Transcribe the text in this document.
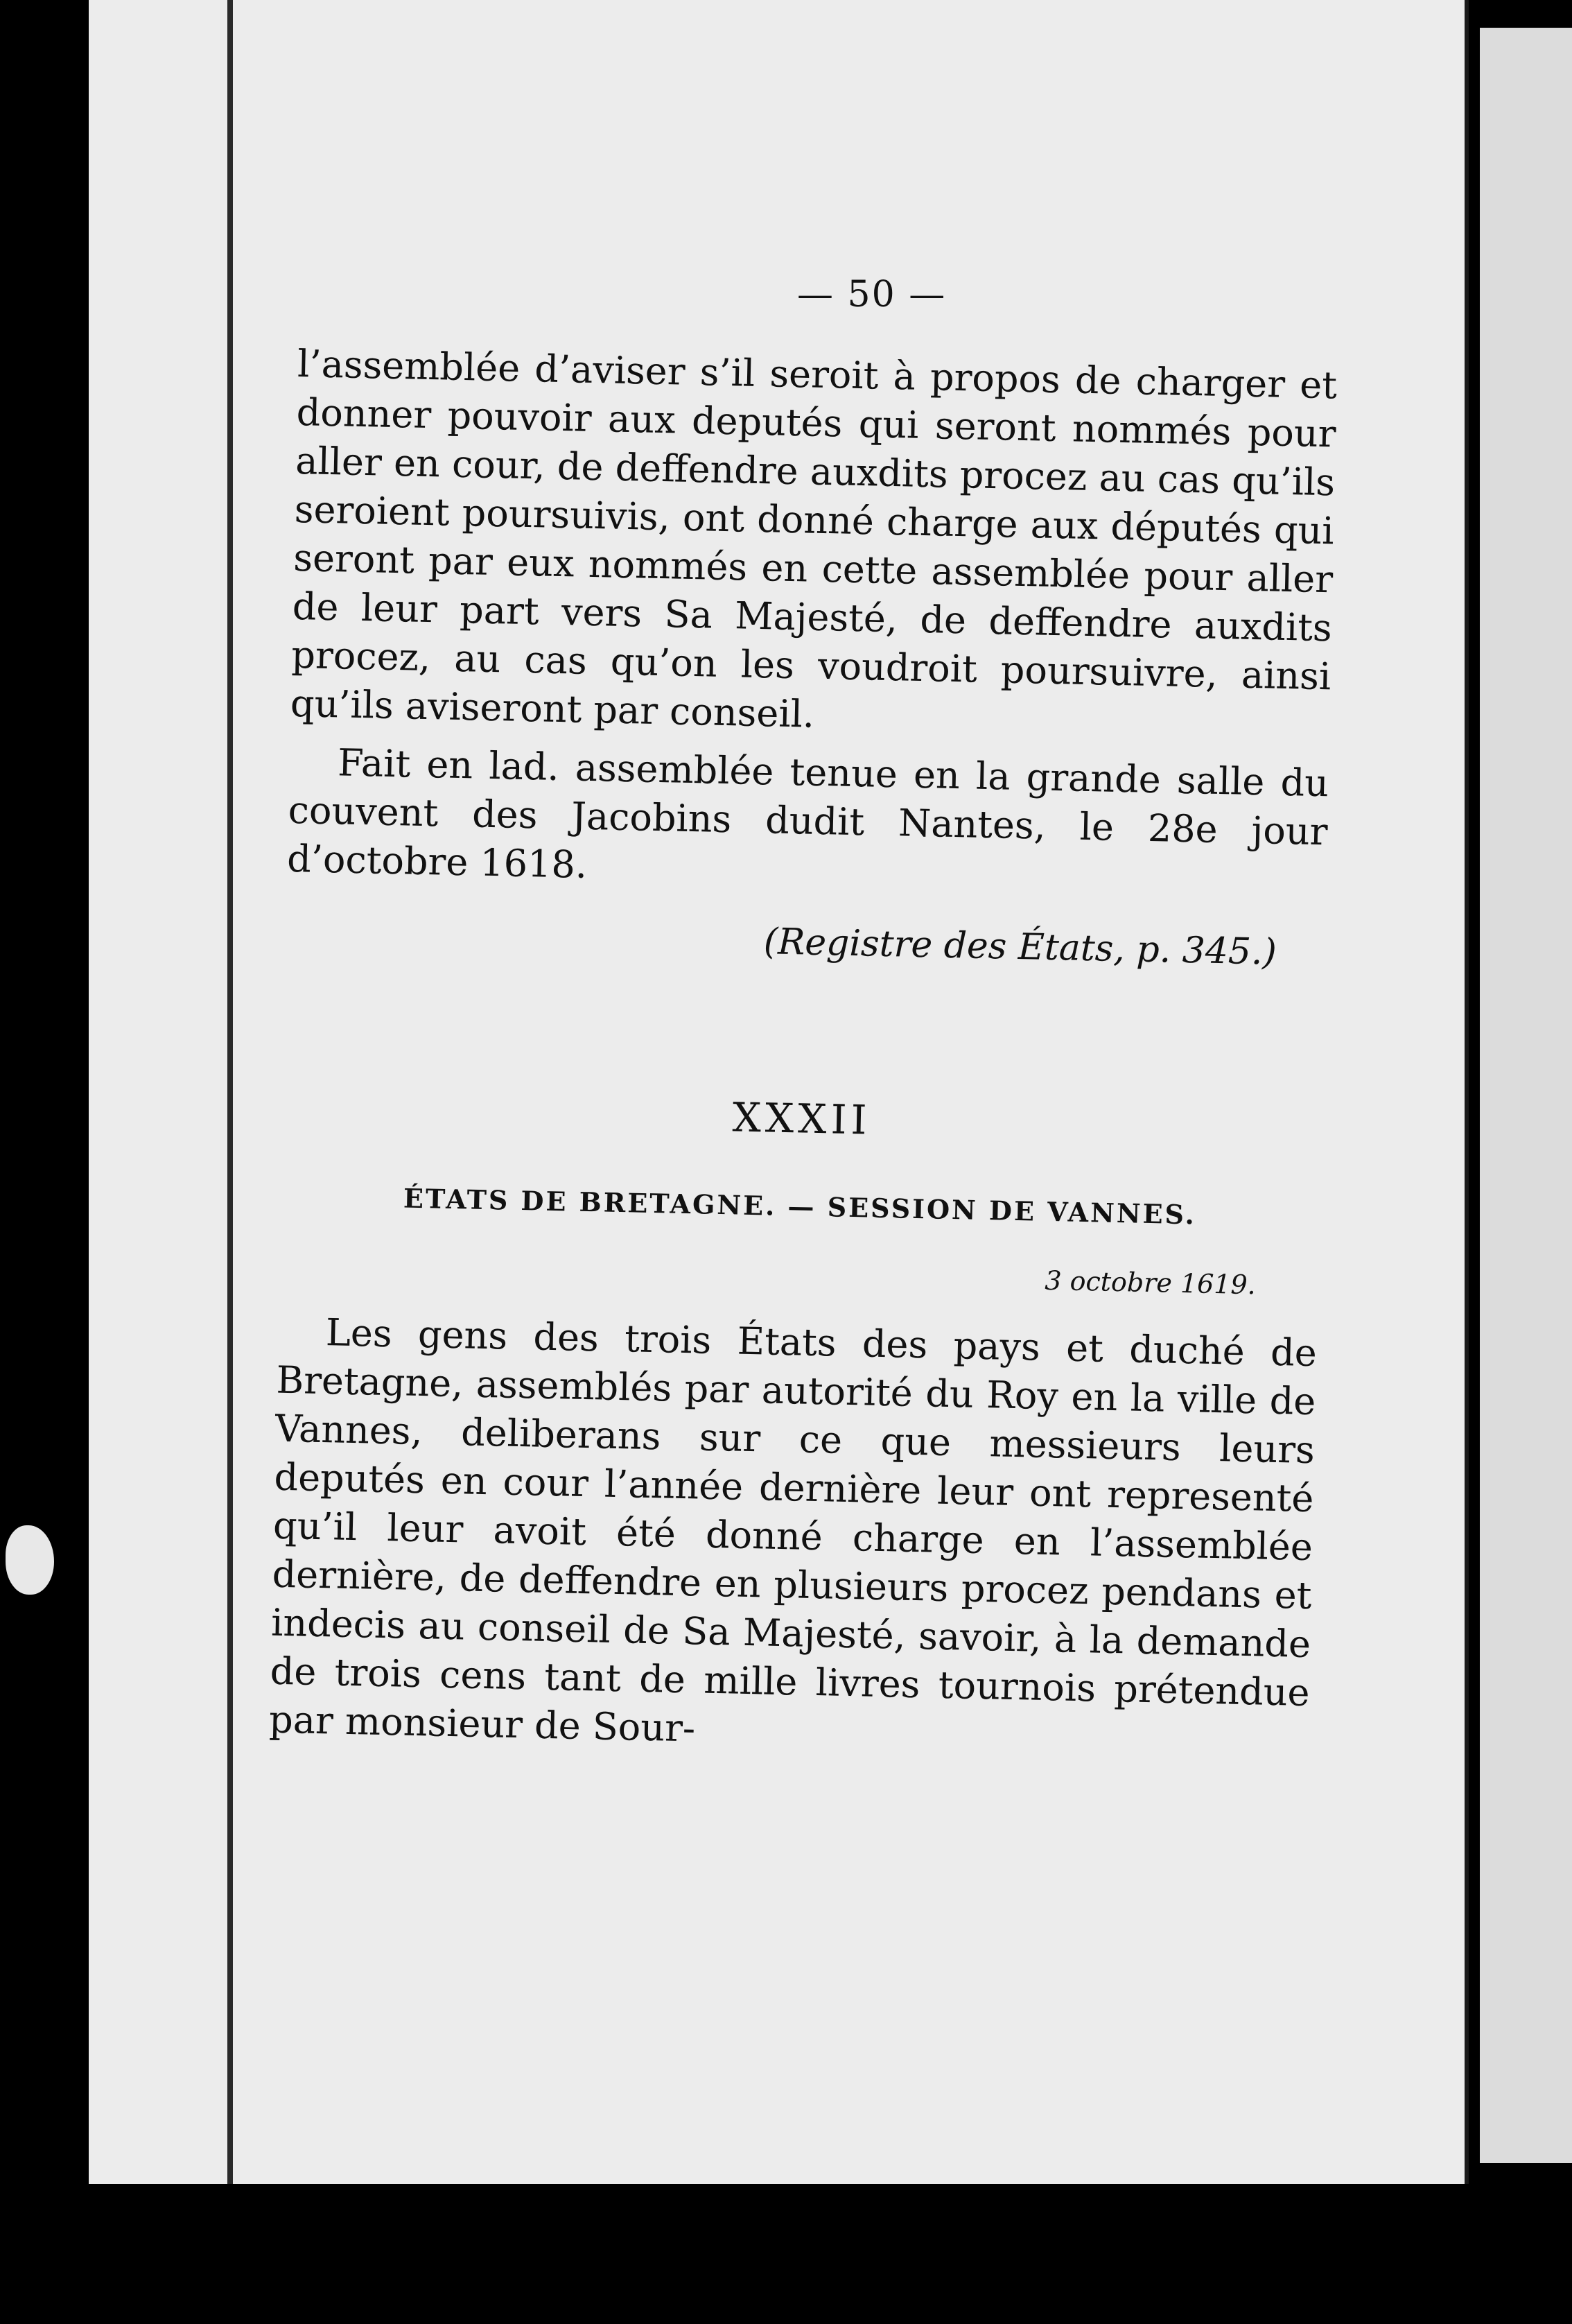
— 50 —

l’assemblée d’aviser s’il seroit à propos de charger et donner pouvoir aux deputés qui seront nommés pour aller en cour, de deffendre auxdits procez au cas qu’ils seroient poursuivis, ont donné charge aux députés qui seront par eux nommés en cette assemblée pour aller de leur part vers Sa Majesté, de deffendre auxdits procez, au cas qu’on les voudroit poursuivre, ainsi qu’ils aviseront par conseil.

Fait en lad. assemblée tenue en la grande salle du couvent des Jacobins dudit Nantes, le 28e jour d’octobre 1618.

(Registre des États, p. 345.)
XXXII
ÉTATS DE BRETAGNE. — SESSION DE VANNES.
3 octobre 1619.

Les gens des trois États des pays et duché de Bretagne, assemblés par autorité du Roy en la ville de Vannes, deliberans sur ce que messieurs leurs deputés en cour l’année dernière leur ont representé qu’il leur avoit été donné charge en l’assemblée dernière, de deffendre en plusieurs procez pendans et indecis au conseil de Sa Majesté, savoir, à la demande de trois cens tant de mille livres tournois prétendue par monsieur de Sour-
